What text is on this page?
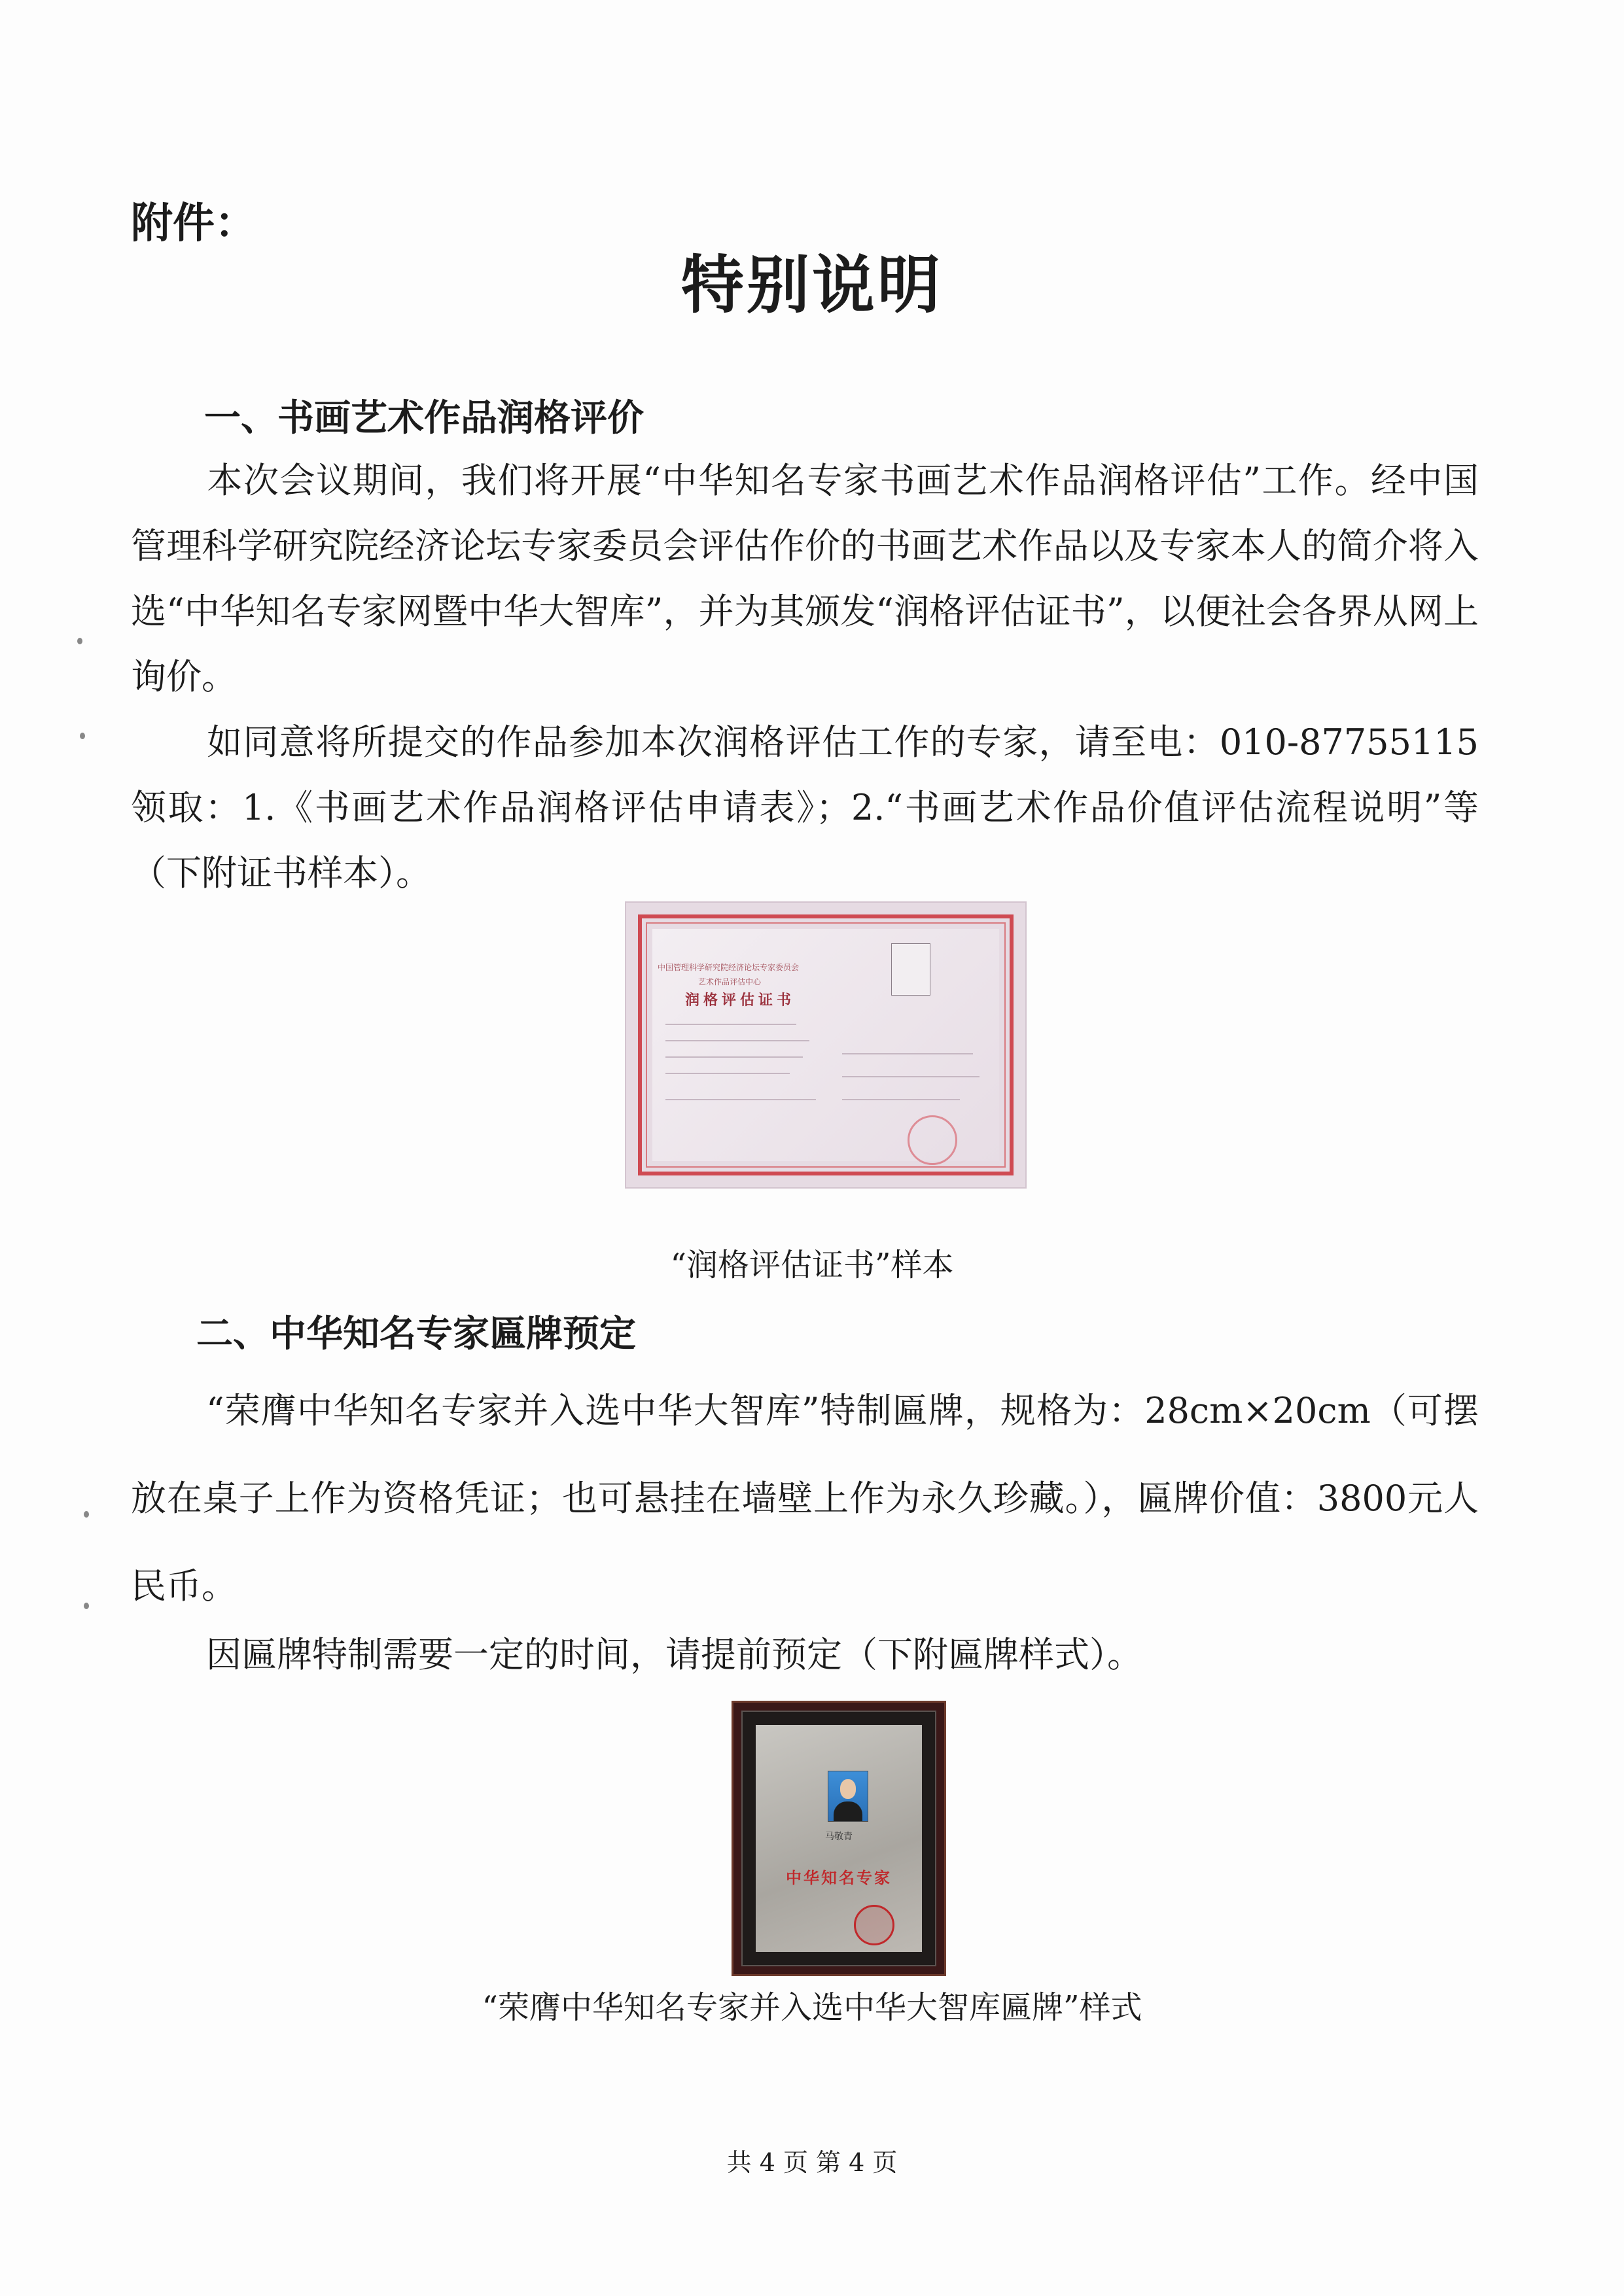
附件：
特别说明
一、书画艺术作品润格评价
本次会议期间，我们将开展“中华知名专家书画艺术作品润格评估”工作。经中国管理科学研究院经济论坛专家委员会评估作价的书画艺术作品以及专家本人的简介将入选“中华知名专家网暨中华大智库”，并为其颁发“润格评估证书”，以便社会各界从网上询价。
如同意将所提交的作品参加本次润格评估工作的专家，请至电：010-87755115领取：1.《书画艺术作品润格评估申请表》；2.“书画艺术作品价值评估流程说明”等（下附证书样本）。
中国管理科学研究院经济论坛专家委员会
艺术作品评估中心
润格评估证书
“润格评估证书”样本
二、中华知名专家匾牌预定
“荣膺中华知名专家并入选中华大智库”特制匾牌，规格为：28cm×20cm（可摆放在桌子上作为资格凭证；也可悬挂在墙壁上作为永久珍藏。），匾牌价值：3800元人民币。
因匾牌特制需要一定的时间，请提前预定（下附匾牌样式）。
马敬青
中华知名专家
“荣膺中华知名专家并入选中华大智库匾牌”样式
共 4 页 第 4 页
